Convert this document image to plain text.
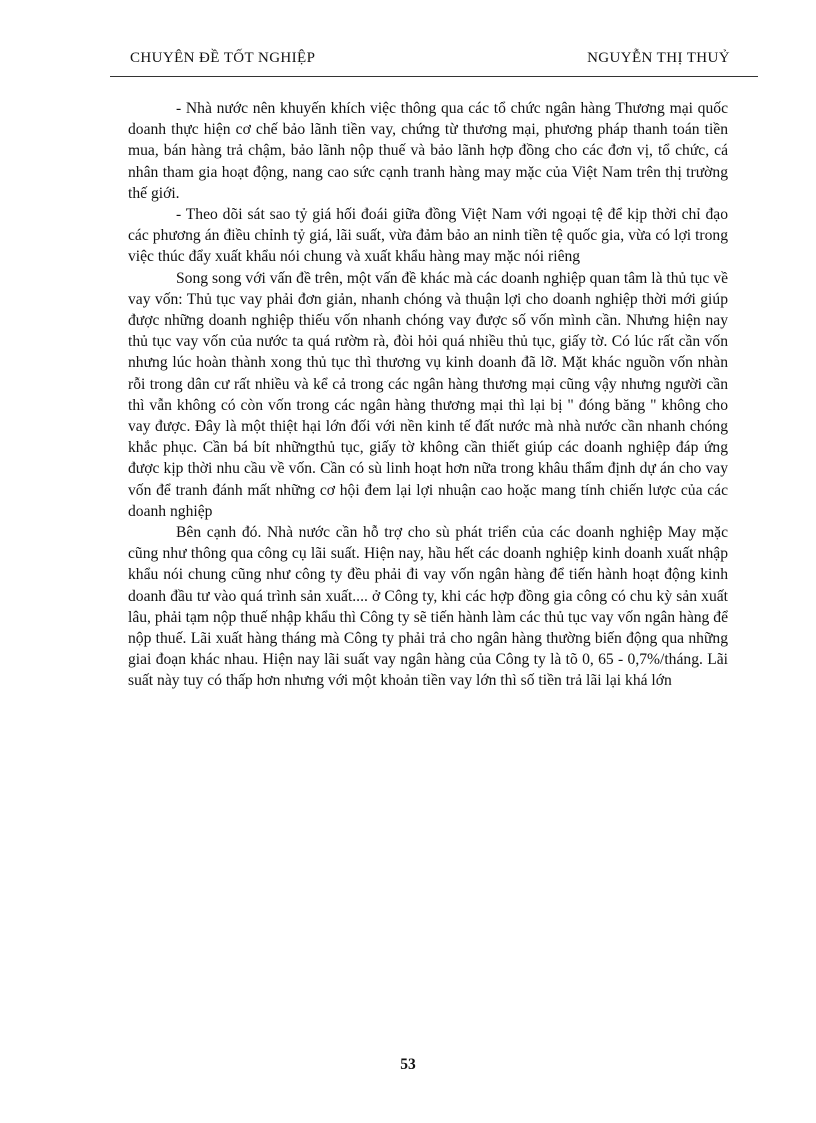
CHUYÊN ĐỀ TỐT NGHIỆP	NGUYỄN THỊ THUỶ

- Nhà nước nên khuyến khích việc thông qua các tổ chức ngân hàng Thương mại quốc doanh thực hiện cơ chế bảo lãnh tiền vay, chứng từ thương mại, phương pháp thanh toán tiền mua, bán hàng trả chậm, bảo lãnh nộp thuế và bảo lãnh hợp đồng cho các đơn vị, tổ chức, cá nhân tham gia hoạt động, nang cao sức cạnh tranh hàng may mặc của Việt Nam trên thị trường thế giới.

- Theo dõi sát sao tỷ giá hối đoái giữa đồng Việt Nam với ngoại tệ để kịp thời chỉ đạo các phương án điều chỉnh tỷ giá, lãi suất, vừa đảm bảo an ninh tiền tệ quốc gia, vừa có lợi trong việc thúc đẩy xuất khẩu nói chung và xuất khẩu hàng may mặc nói riêng

Song song với vấn đề trên, một vấn đề khác mà các doanh nghiệp quan tâm là thủ tục về vay vốn: Thủ tục vay phải đơn giản, nhanh chóng và thuận lợi cho doanh nghiệp thời mới giúp được những doanh nghiệp thiếu vốn nhanh chóng vay được số vốn mình cần. Nhưng hiện nay thủ tục vay vốn của nước ta quá rườm rà, đòi hỏi quá nhiều thủ tục, giấy tờ. Có lúc rất cần vốn nhưng lúc hoàn thành xong thủ tục thì thương vụ kinh doanh đã lỡ. Mặt khác nguồn vốn nhàn rỗi trong dân cư rất nhiều và kể cả trong các ngân hàng thương mại cũng vậy nhưng người cần thì vẫn không có còn vốn trong các ngân hàng thương mại thì lại bị " đóng băng " không cho vay được. Đây là một thiệt hại lớn đối với nền kinh tế đất nước mà nhà nước cần nhanh chóng khắc phục. Cần bá bít nhữngthủ tục, giấy tờ không cần thiết giúp các doanh nghiệp đáp ứng được kịp thời nhu cầu về vốn. Cần có sù linh hoạt hơn nữa trong khâu thẩm định dự án cho vay vốn để tranh đánh mất những cơ hội đem lại lợi nhuận cao hoặc mang tính chiến lược của các doanh nghiệp

Bên cạnh đó. Nhà nước cần hỗ trợ cho sù phát triển của các doanh nghiệp May mặc cũng như thông qua công cụ lãi suất. Hiện nay, hầu hết các doanh nghiệp kinh doanh xuất nhập khẩu nói chung cũng như công ty đều phải đi vay vốn ngân hàng để tiến hành hoạt động kinh doanh đầu tư vào quá trình sản xuất.... ở Công ty, khi các hợp đồng gia công có chu kỳ sản xuất lâu, phải tạm nộp thuế nhập khẩu thì Công ty sẽ tiến hành làm các thủ tục vay vốn ngân hàng để nộp thuế. Lãi xuất hàng tháng mà Công ty phải trả cho ngân hàng thường biến động qua những giai đoạn khác nhau. Hiện nay lãi suất vay ngân hàng của Công ty là tõ 0, 65 - 0,7%/tháng. Lãi suất này tuy có thấp hơn nhưng với một khoản tiền vay lớn thì số tiền trả lãi lại khá lớn

53
